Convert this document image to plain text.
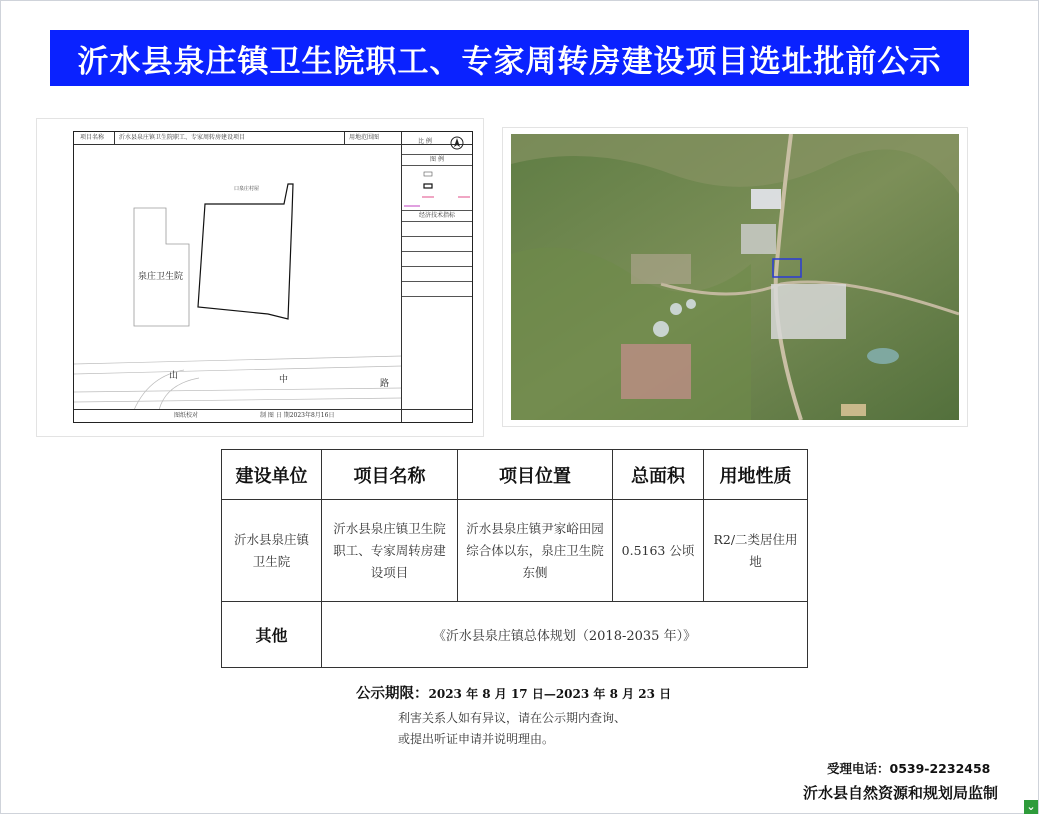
沂水县泉庄镇卫生院职工、专家周转房建设项目选址批前公示
项目名称	沂水县泉庄镇卫生院职工、专家周转房建设项目	用地范围图
泉庄卫生院
口泉庄村屋
山	中	路
比 例
图 例
经济技术指标
图纸校对	制 图 日 期2023年8月16日
建设单位	项目名称	项目位置	总面积	用地性质
沂水县泉庄镇卫生院	沂水县泉庄镇卫生院职工、专家周转房建设项目	沂水县泉庄镇尹家峪田园综合体以东，泉庄卫生院东侧	0.5163 公顷	R2/二类居住用地
其他	《沂水县泉庄镇总体规划（2018-2035 年）》			
公示期限：2023 年 8 月 17 日—2023 年 8 月 23 日
利害关系人如有异议，请在公示期内查询、
或提出听证申请并说明理由。
受理电话：0539-2232458
沂水县自然资源和规划局监制
⌄
